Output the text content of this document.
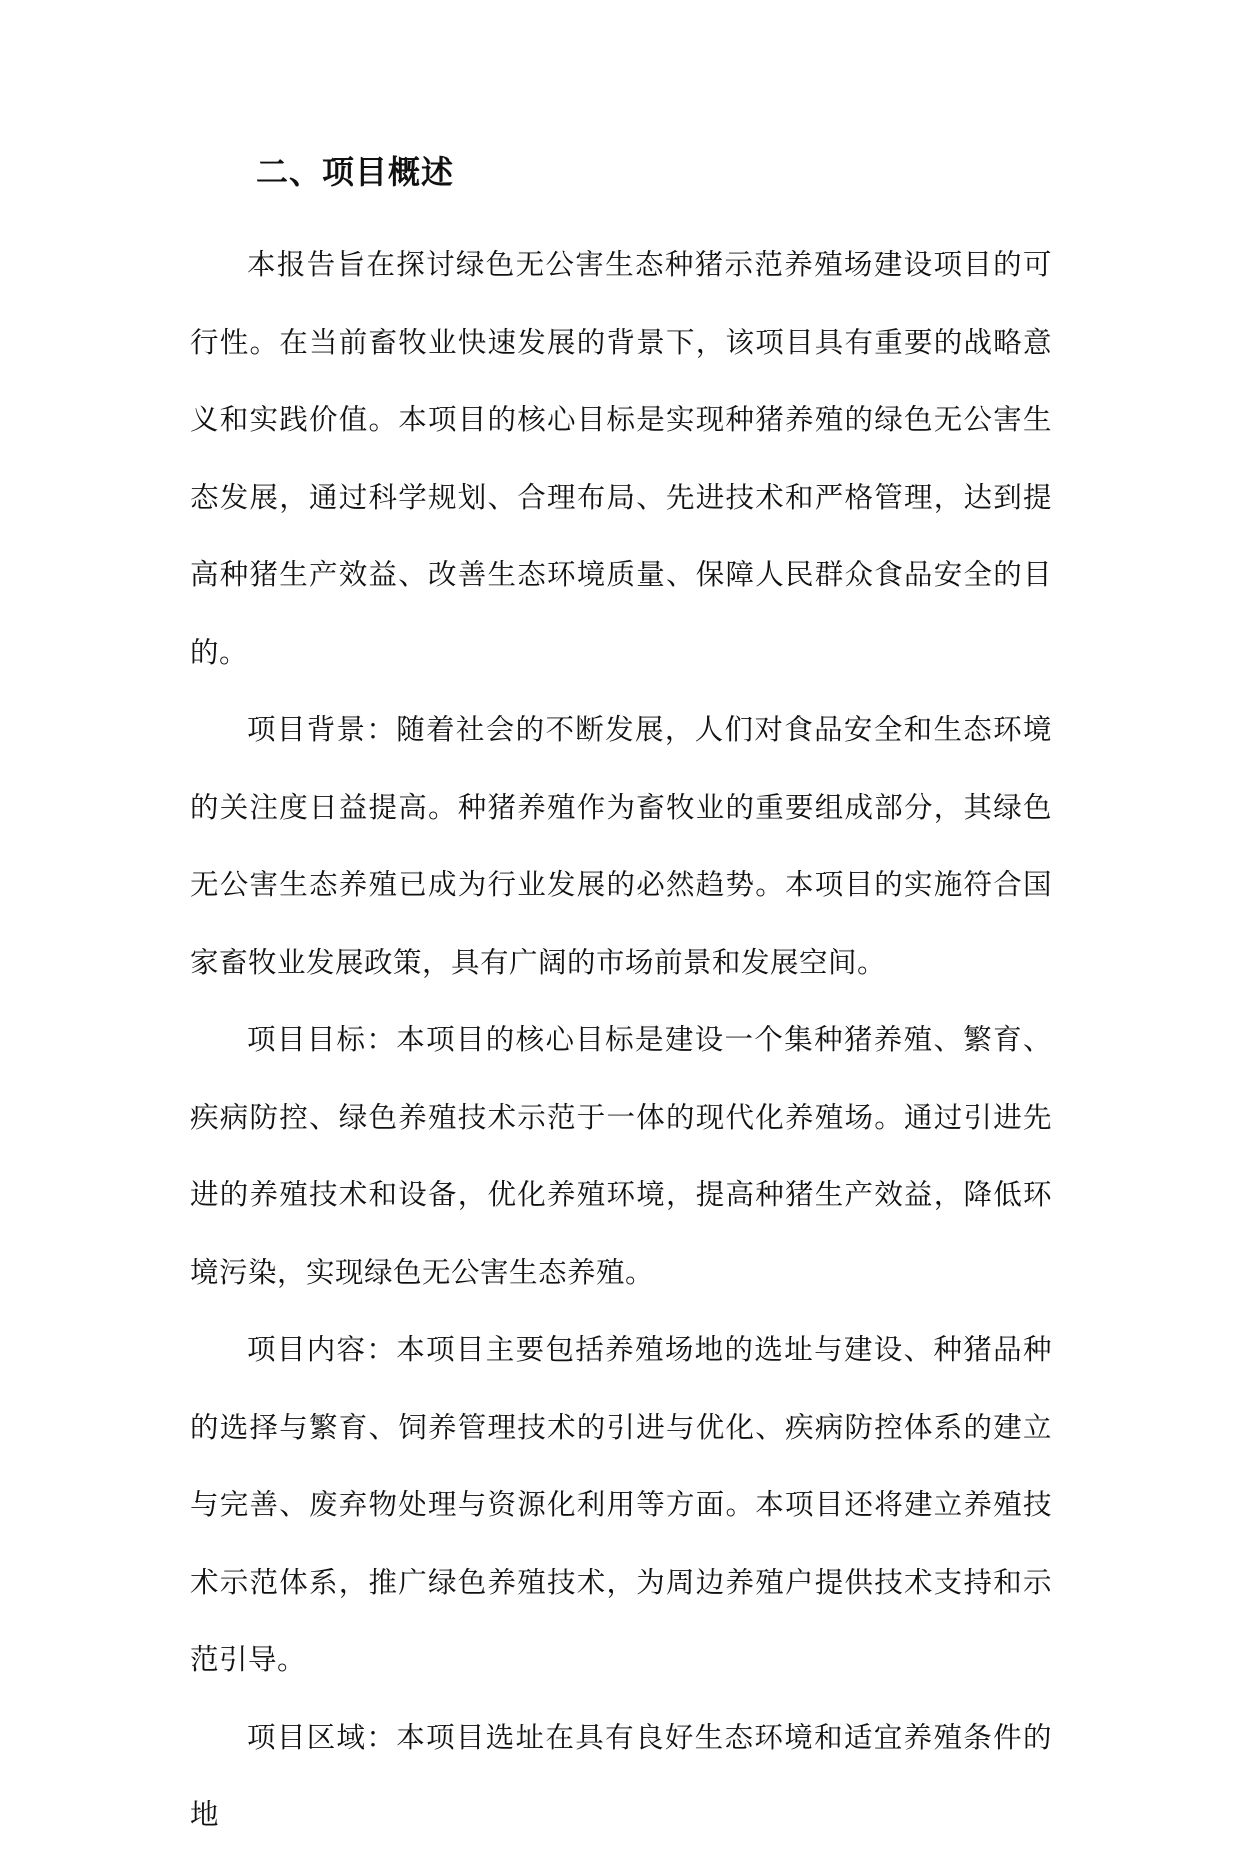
二、项目概述

本报告旨在探讨绿色无公害生态种猪示范养殖场建设项目的可行性。在当前畜牧业快速发展的背景下，该项目具有重要的战略意义和实践价值。本项目的核心目标是实现种猪养殖的绿色无公害生态发展，通过科学规划、合理布局、先进技术和严格管理，达到提高种猪生产效益、改善生态环境质量、保障人民群众食品安全的目的。

项目背景：随着社会的不断发展，人们对食品安全和生态环境的关注度日益提高。种猪养殖作为畜牧业的重要组成部分，其绿色无公害生态养殖已成为行业发展的必然趋势。本项目的实施符合国家畜牧业发展政策，具有广阔的市场前景和发展空间。

项目目标：本项目的核心目标是建设一个集种猪养殖、繁育、疾病防控、绿色养殖技术示范于一体的现代化养殖场。通过引进先进的养殖技术和设备，优化养殖环境，提高种猪生产效益，降低环境污染，实现绿色无公害生态养殖。

项目内容：本项目主要包括养殖场地的选址与建设、种猪品种的选择与繁育、饲养管理技术的引进与优化、疾病防控体系的建立与完善、废弃物处理与资源化利用等方面。本项目还将建立养殖技术示范体系，推广绿色养殖技术，为周边养殖户提供技术支持和示范引导。

项目区域：本项目选址在具有良好生态环境和适宜养殖条件的地
